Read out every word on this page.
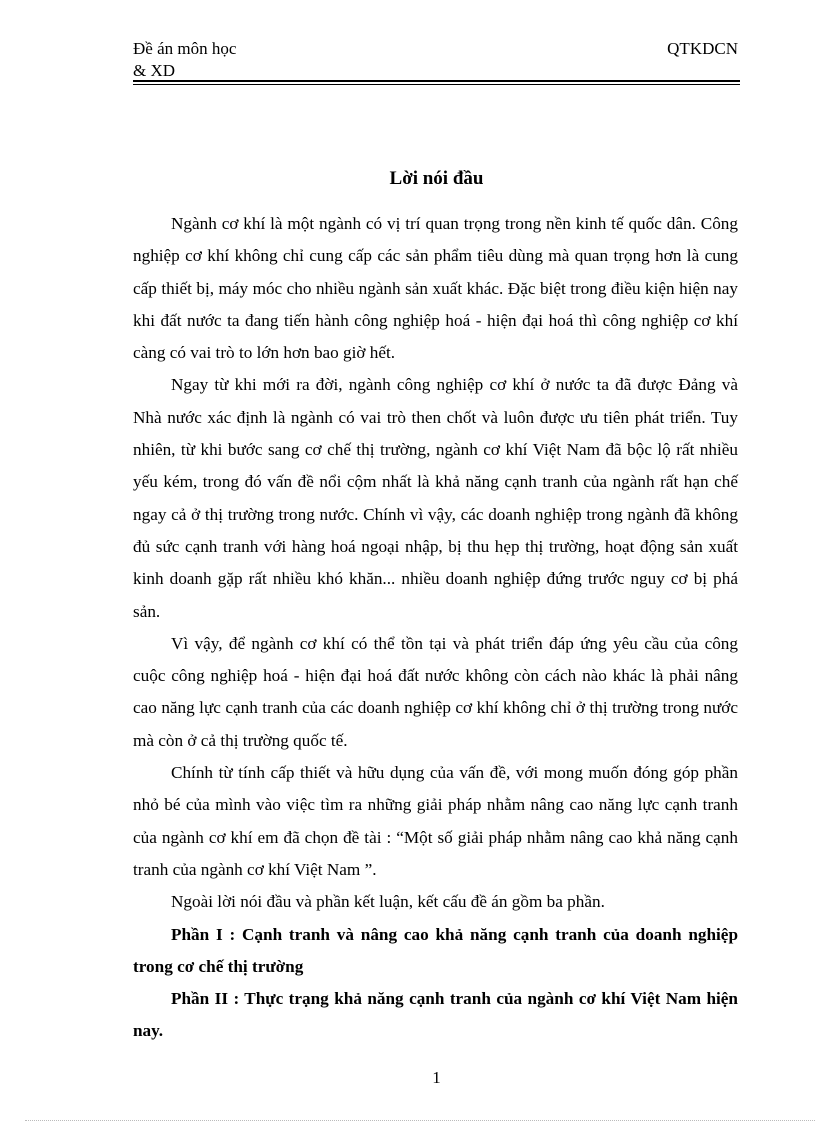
Đề án môn học
& XD
QTKDCN
Lời nói đầu

Ngành cơ khí là một ngành có vị trí quan trọng trong nền kinh tế quốc dân. Công nghiệp cơ khí không chỉ cung cấp các sản phẩm tiêu dùng mà quan trọng hơn là cung cấp thiết bị, máy móc cho nhiều ngành sản xuất khác. Đặc biệt trong điều kiện hiện nay khi đất nước ta đang tiến hành công nghiệp hoá - hiện đại hoá thì công nghiệp cơ khí càng có vai trò to lớn hơn bao giờ hết.

Ngay từ khi mới ra đời, ngành công nghiệp cơ khí ở nước ta đã được Đảng và Nhà nước xác định là ngành có vai trò then chốt và luôn được ưu tiên phát triển. Tuy nhiên, từ khi bước sang cơ chế thị trường, ngành cơ khí Việt Nam đã bộc lộ rất nhiều yếu kém, trong đó vấn đề nổi cộm nhất là khả năng cạnh tranh của ngành rất hạn chế ngay cả ở thị trường trong nước. Chính vì vậy, các doanh nghiệp trong ngành đã không đủ sức cạnh tranh với hàng hoá ngoại nhập, bị thu hẹp thị trường, hoạt động sản xuất kinh doanh gặp rất nhiều khó khăn... nhiều doanh nghiệp đứng trước nguy cơ bị phá sản.

Vì vậy, để ngành cơ khí có thể tồn tại và phát triển đáp ứng yêu cầu của công cuộc công nghiệp hoá - hiện đại hoá đất nước không còn cách nào khác là phải nâng cao năng lực cạnh tranh của các doanh nghiệp cơ khí không chỉ ở thị trường trong nước mà còn ở cả thị trường quốc tế.

Chính từ tính cấp thiết và hữu dụng của vấn đề, với mong muốn đóng góp phần nhỏ bé của mình vào việc tìm ra những giải pháp nhằm nâng cao năng lực cạnh tranh của ngành cơ khí em đã chọn đề tài : “Một số giải pháp nhằm nâng cao khả năng cạnh tranh của ngành cơ khí Việt Nam ”.

Ngoài lời nói đầu và phần kết luận, kết cấu đề án gồm ba phần.

Phần I : Cạnh tranh và nâng cao khả năng cạnh tranh của doanh nghiệp trong cơ chế thị trường

Phần II : Thực trạng khả năng cạnh tranh của ngành cơ khí Việt Nam hiện nay.

1
